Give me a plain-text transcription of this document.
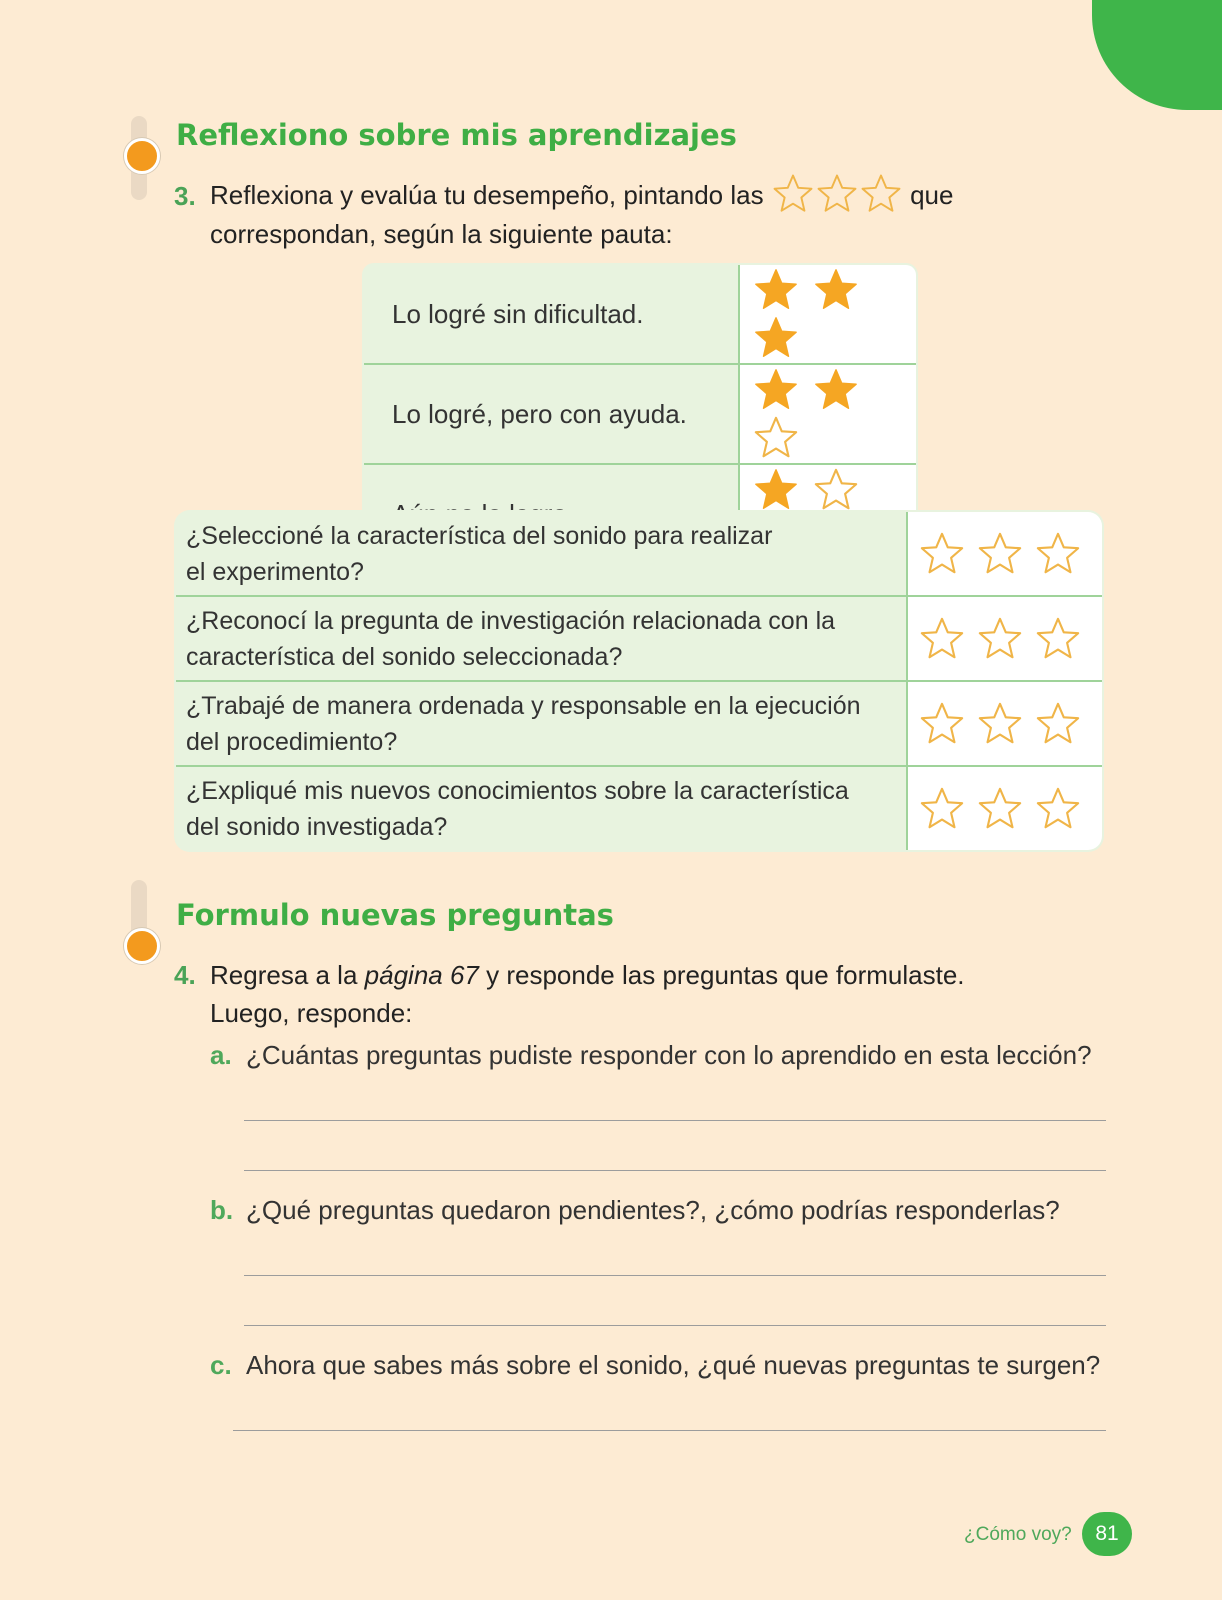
Reflexiono sobre mis aprendizajes
3. Reflexiona y evalúa tu desempeño, pintando las	que
correspondan, según la siguiente pauta:
Lo logré sin dificultad.	
Lo logré, pero con ayuda.	

¿Seleccioné la característica del sonido para realizar
el experimento?

¿Reconocí la pregunta de investigación relacionada con la
característica del sonido seleccionada?

¿Trabajé de manera ordenada y responsable en la ejecución
del procedimiento?

¿Expliqué mis nuevos conocimientos sobre la característica
del sonido investigada?

Formulo nuevas preguntas
4. Regresa a la página 67 y responde las preguntas que formulaste.
Luego, responde:
a. ¿Cuántas preguntas pudiste responder con lo aprendido en esta lección?
b. ¿Qué preguntas quedaron pendientes?, ¿cómo podrías responderlas?
c. Ahora que sabes más sobre el sonido, ¿qué nuevas preguntas te surgen?
¿Cómo voy?	81
